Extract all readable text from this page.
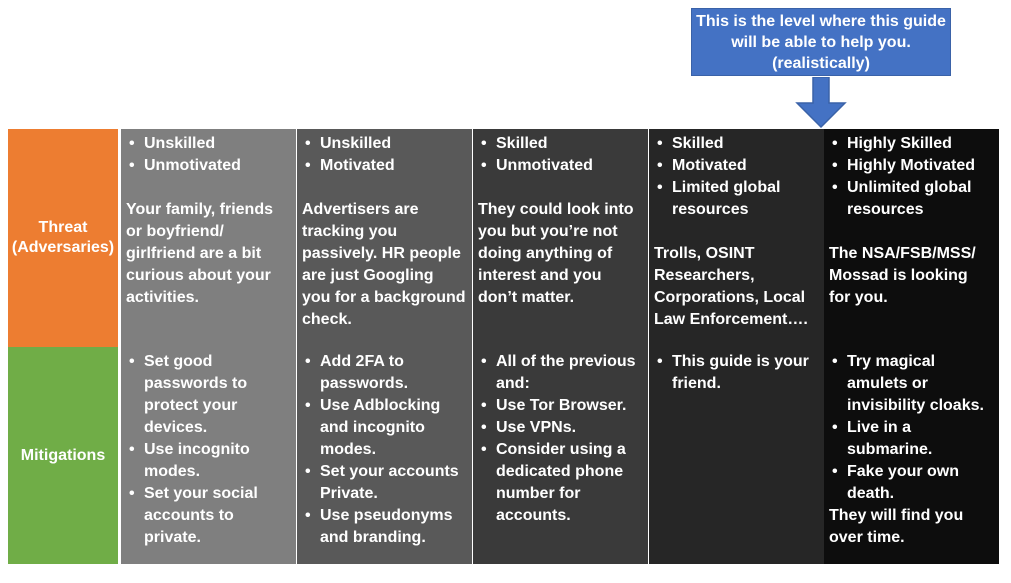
This is the level where this guide
will be able to help you.
(realistically)
Threat
(Adversaries)
Mitigations
• Unskilled
• Unmotivated
Your family, friends or boyfriend/ girlfriend are a bit curious about your activities.
• Set good passwords to protect your devices.
• Use incognito modes.
• Set your social accounts to private.
• Unskilled
• Motivated
Advertisers are tracking you passively. HR people are just Googling you for a background check.
• Add 2FA to passwords.
• Use Adblocking and incognito modes.
• Set your accounts Private.
• Use pseudonyms and branding.
• Skilled
• Unmotivated
They could look into you but you’re not doing anything of interest and you don’t matter.
• All of the previous and:
• Use Tor Browser.
• Use VPNs.
• Consider using a dedicated phone number for accounts.
• Skilled
• Motivated
• Limited global resources
Trolls, OSINT Researchers, Corporations, Local Law Enforcement….
• This guide is your friend.
• Highly Skilled
• Highly Motivated
• Unlimited global resources
The NSA/FSB/MSS/ Mossad is looking for you.
• Try magical amulets or invisibility cloaks.
• Live in a submarine.
• Fake your own death.
They will find you over time.
